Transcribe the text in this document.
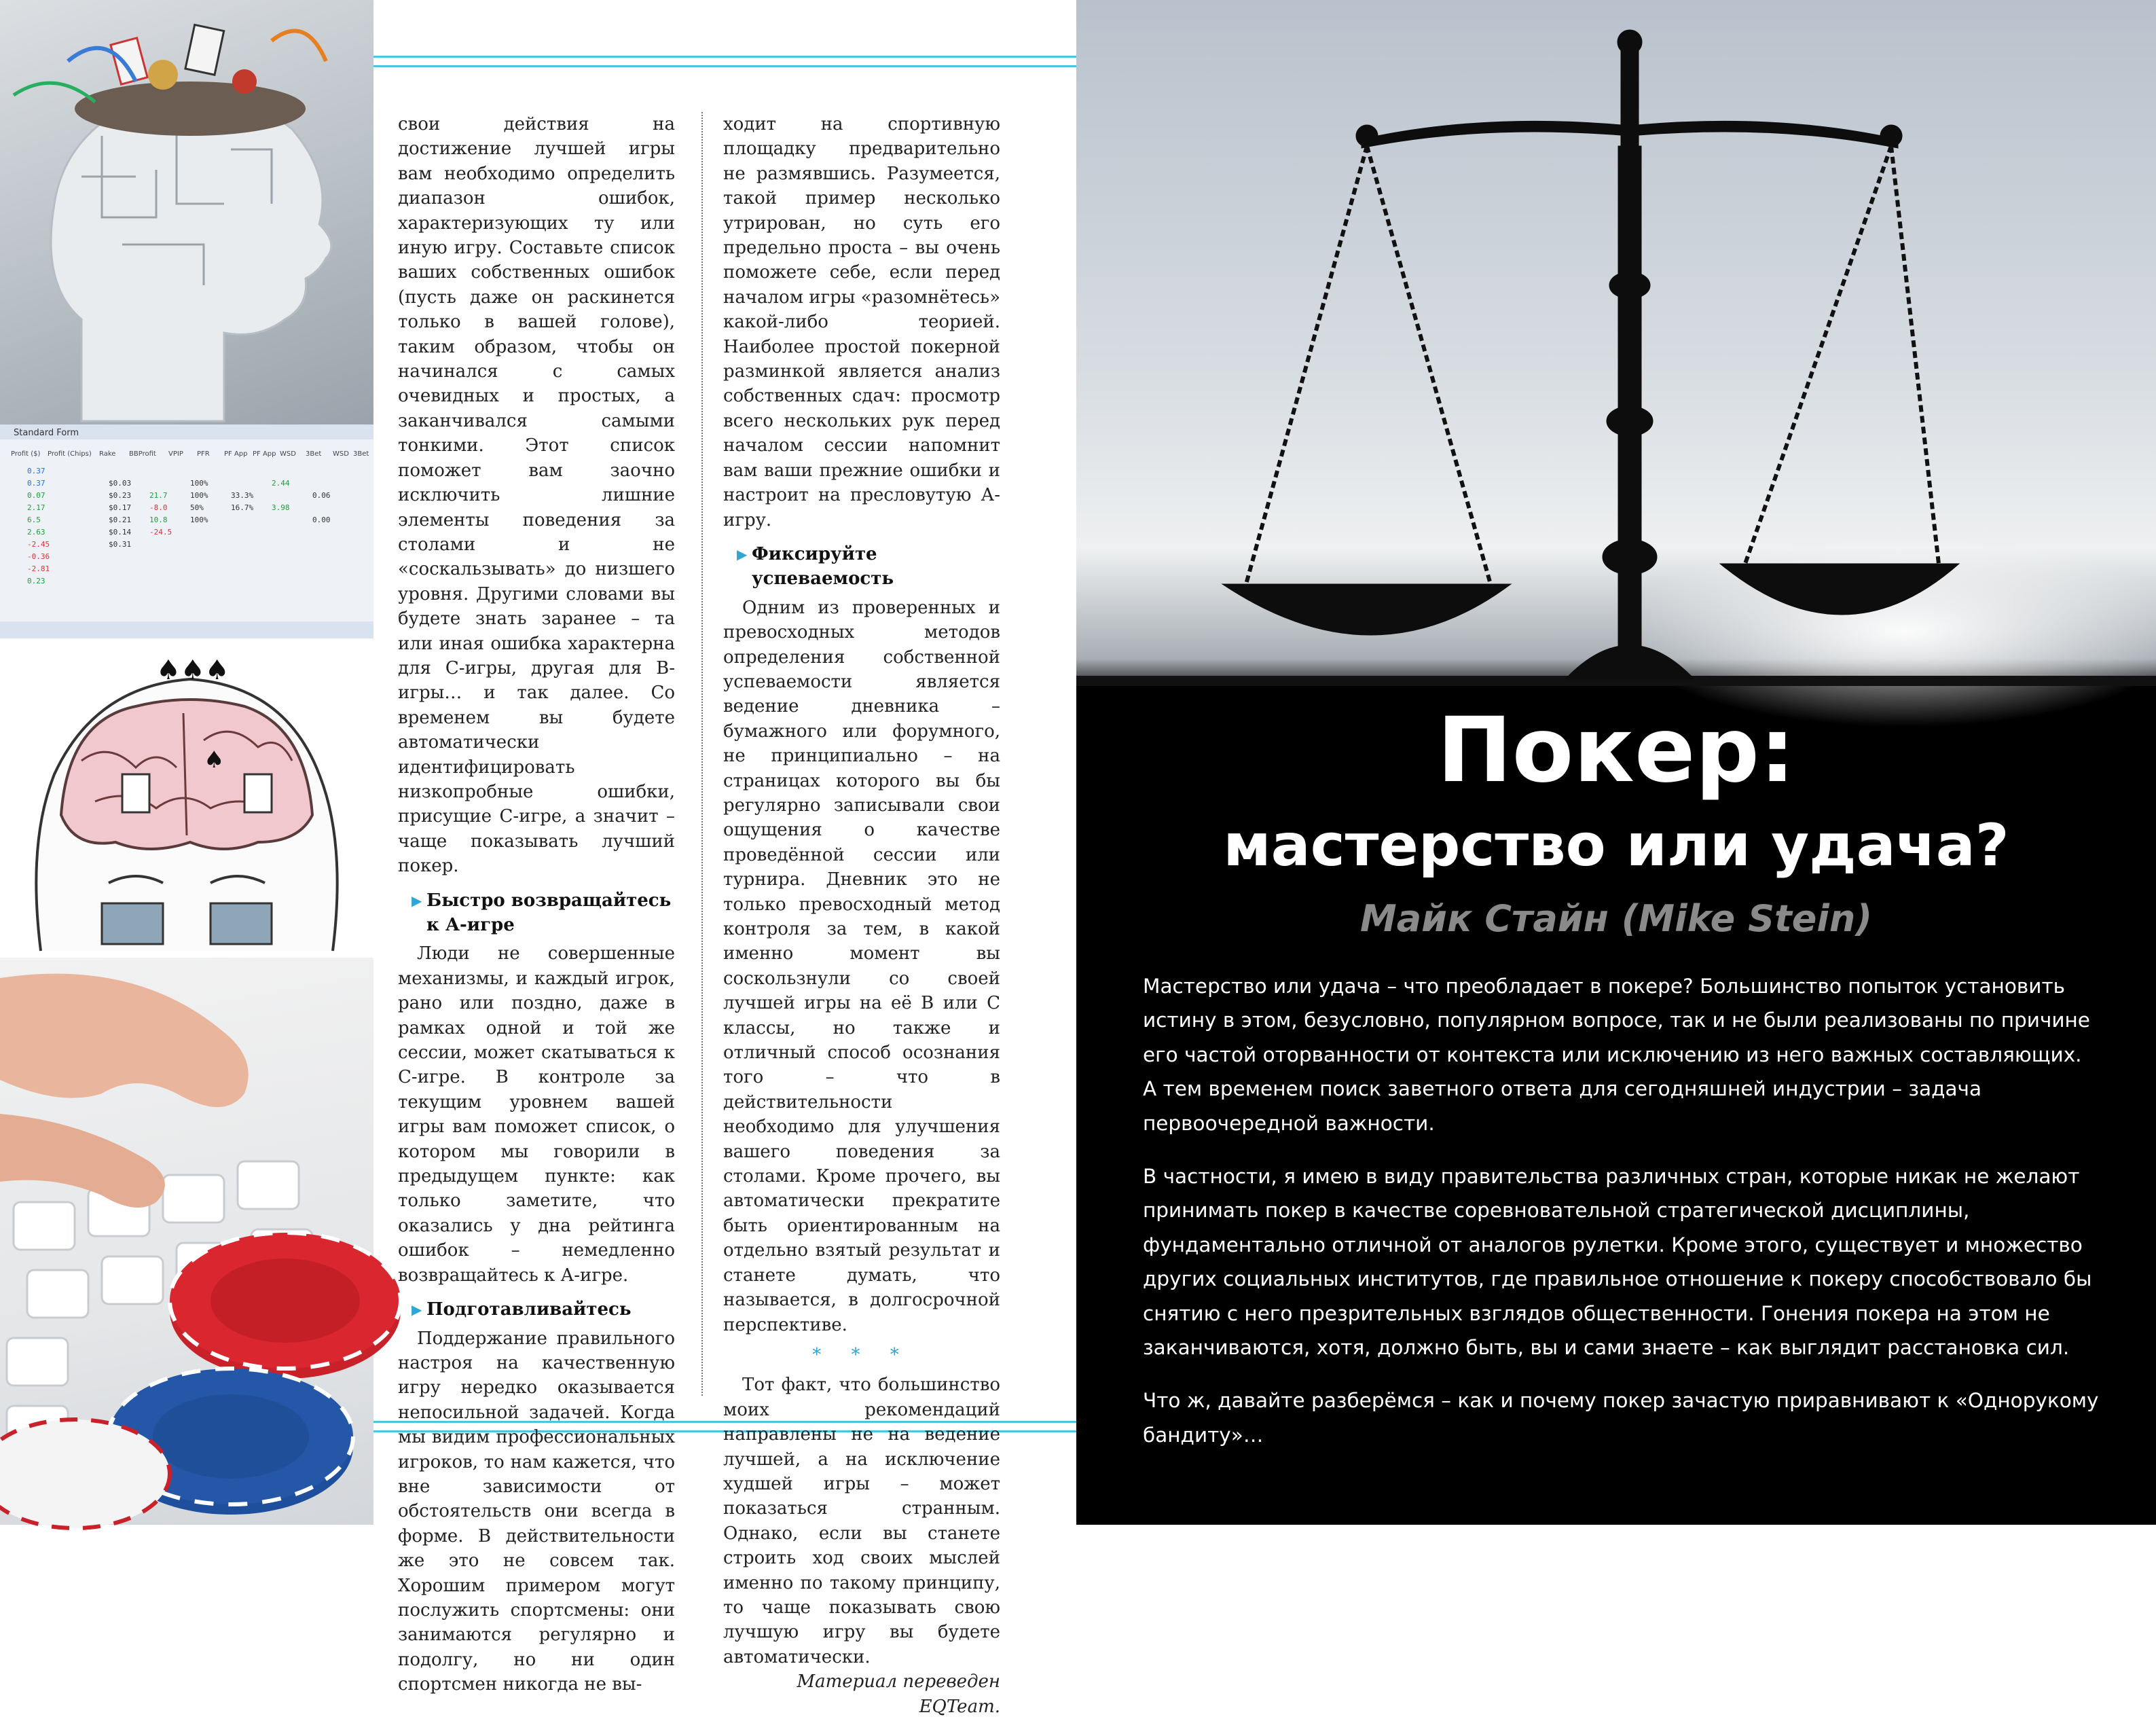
Standard Form
Profit ($) Profit (Chips) Rake BBProfit VPIP PFR PF App PF App WSD 3Bet WSD 3Bet
0.37
0.37
0.07
2.17
6.5
2.63
-2.45
-0.36
-2.81
0.23
$0.03
$0.23
$0.17
$0.21
$0.14
$0.31
21.7
-8.0
10.8
-24.5
100%
100%
50%
100%
33.3%
16.7%
2.44
3.98
0.06
0.00
♠
♠♠♠

свои действия на достижение лучшей игры вам необходимо определить диапазон ошибок, характеризующих ту или иную игру. Составьте список ваших собственных ошибок (пусть даже он раскинется только в вашей голове), таким образом, чтобы он начинался с самых очевидных и простых, а заканчивался самыми тонкими. Этот список поможет вам заочно исключить лишние элементы поведения за столами и не «соскальзывать» до низшего уровня. Другими словами вы будете знать заранее – та или иная ошибка характерна для С-игры, другая для В-игры… и так далее. Со временем вы будете автоматически идентифицировать низкопробные ошибки, присущие С-игре, а значит – чаще показывать лучший покер.

▶ Быстро возвращайтесь
к А-игре

Люди не совершенные механизмы, и каждый игрок, рано или поздно, даже в рамках одной и той же сессии, может скатываться к С-игре. В контроле за текущим уровнем вашей игры вам поможет список, о котором мы говорили в предыдущем пункте: как только заметите, что оказались у дна рейтинга ошибок – немедленно возвращайтесь к А-игре.

▶ Подготавливайтесь

Поддержание правильного настроя на качественную игру нередко оказывается непосильной задачей. Когда мы видим профессиональных игроков, то нам кажется, что вне зависимости от обстоятельств они всегда в форме. В действительности же это не совсем так. Хорошим примером могут послужить спортсмены: они занимаются регулярно и подолгу, но ни один спортсмен никогда не вы-

ходит на спортивную площадку предварительно не размявшись. Разумеется, такой пример несколько утрирован, но суть его предельно проста – вы очень поможете себе, если перед началом игры «разомнётесь» какой-либо теорией. Наиболее простой покерной разминкой является анализ собственных сдач: просмотр всего нескольких рук перед началом сессии напомнит вам ваши прежние ошибки и настроит на пресловутую А-игру.

▶ Фиксируйте успеваемость

Одним из проверенных и превосходных методов определения собственной успеваемости является ведение дневника – бумажного или форумного, не принципиально – на страницах которого вы бы регулярно записывали свои ощущения о качестве проведённой сессии или турнира. Дневник это не только превосходный метод контроля за тем, в какой именно момент вы соскользнули со своей лучшей игры на её В или С классы, но также и отличный способ осознания того – что в действительности необходимо для улучшения вашего поведения за столами. Кроме прочего, вы автоматически прекратите быть ориентированным на отдельно взятый результат и станете думать, что называется, в долгосрочной перспективе.

* * *

Тот факт, что большинство моих рекомендаций направлены не на ведение лучшей, а на исключение худшей игры – может показаться странным. Однако, если вы станете строить ход своих мыслей именно по такому принципу, то чаще показывать свою лучшую игру вы будете автоматически.

Материал переведен EQTeam.

Покер:
мастерство или удача?
Майк Стайн (Mike Stein)

Мастерство или удача – что преобладает в покере? Большинство попыток установить истину в этом, безусловно, популярном вопросе, так и не были реализованы по причине его частой оторванности от контекста или исключению из него важных составляющих. А тем временем поиск заветного ответа для сегодняшней индустрии – задача первоочередной важности.

В частности, я имею в виду правительства различных стран, которые никак не желают принимать покер в качестве соревновательной стратегической дисциплины, фундаментально отличной от аналогов рулетки. Кроме этого, существует и множество других социальных институтов, где правильное отношение к покеру способствовало бы снятию с него презрительных взглядов общественности. Гонения покера на этом не заканчиваются, хотя, должно быть, вы и сами знаете – как выглядит расстановка сил.

Что ж, давайте разберёмся – как и почему покер зачастую приравнивают к «Однорукому бандиту»…
